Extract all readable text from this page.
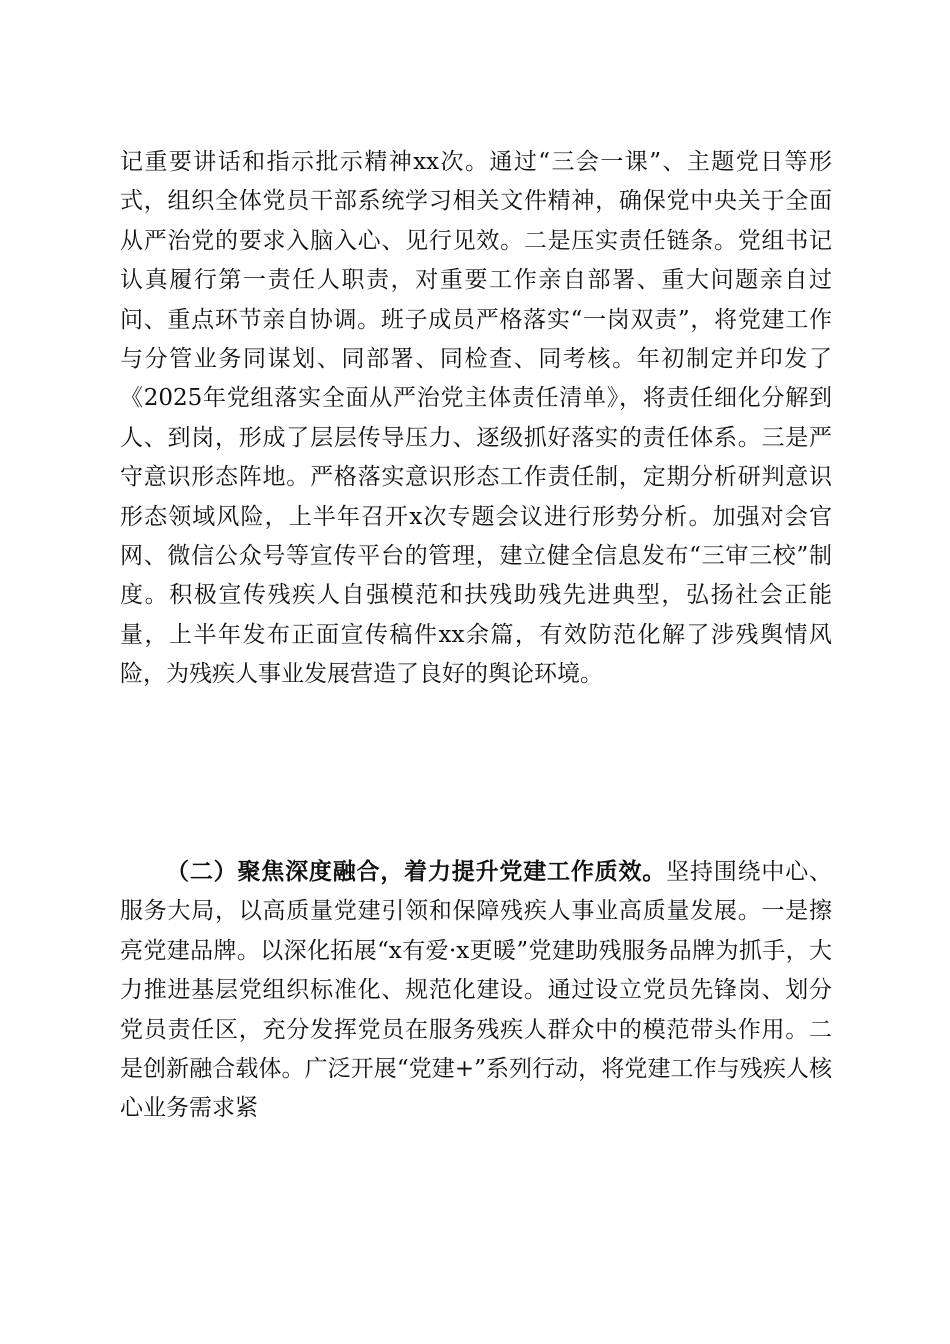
记重要讲话和指示批示精神xx次。通过“三会一课”、主题党日等形式，组织全体党员干部系统学习相关文件精神，确保党中央关于全面从严治党的要求入脑入心、见行见效。二是压实责任链条。党组书记认真履行第一责任人职责，对重要工作亲自部署、重大问题亲自过问、重点环节亲自协调。班子成员严格落实“一岗双责”，将党建工作与分管业务同谋划、同部署、同检查、同考核。年初制定并印发了《2025年党组落实全面从严治党主体责任清单》，将责任细化分解到人、到岗，形成了层层传导压力、逐级抓好落实的责任体系。三是严守意识形态阵地。严格落实意识形态工作责任制，定期分析研判意识形态领域风险，上半年召开x次专题会议进行形势分析。加强对会官网、微信公众号等宣传平台的管理，建立健全信息发布“三审三校”制度。积极宣传残疾人自强模范和扶残助残先进典型，弘扬社会正能量，上半年发布正面宣传稿件xx余篇，有效防范化解了涉残舆情风险，为残疾人事业发展营造了良好的舆论环境。
（二）聚焦深度融合，着力提升党建工作质效。坚持围绕中心、服务大局，以高质量党建引领和保障残疾人事业高质量发展。一是擦亮党建品牌。以深化拓展“x有爱·x更暖”党建助残服务品牌为抓手，大力推进基层党组织标准化、规范化建设。通过设立党员先锋岗、划分党员责任区，充分发挥党员在服务残疾人群众中的模范带头作用。二是创新融合载体。广泛开展“党建+”系列行动，将党建工作与残疾人核心业务需求紧
